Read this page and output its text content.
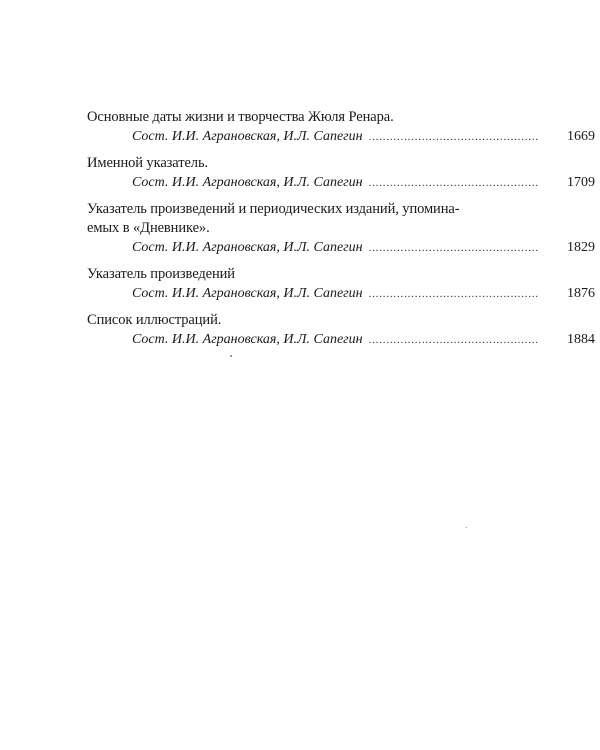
Основные даты жизни и творчества Жюля Ренара.
Сост. И.И. Аграновская, И.Л. Сапегин ................................................ 1669
Именной указатель.
Сост. И.И. Аграновская, И.Л. Сапегин ................................................ 1709
Указатель произведений и периодических изданий, упомина-
емых в «Дневнике».
Сост. И.И. Аграновская, И.Л. Сапегин ................................................ 1829
Указатель произведений
Сост. И.И. Аграновская, И.Л. Сапегин ................................................ 1876
Список иллюстраций.
Сост. И.И. Аграновская, И.Л. Сапегин ................................................ 1884
